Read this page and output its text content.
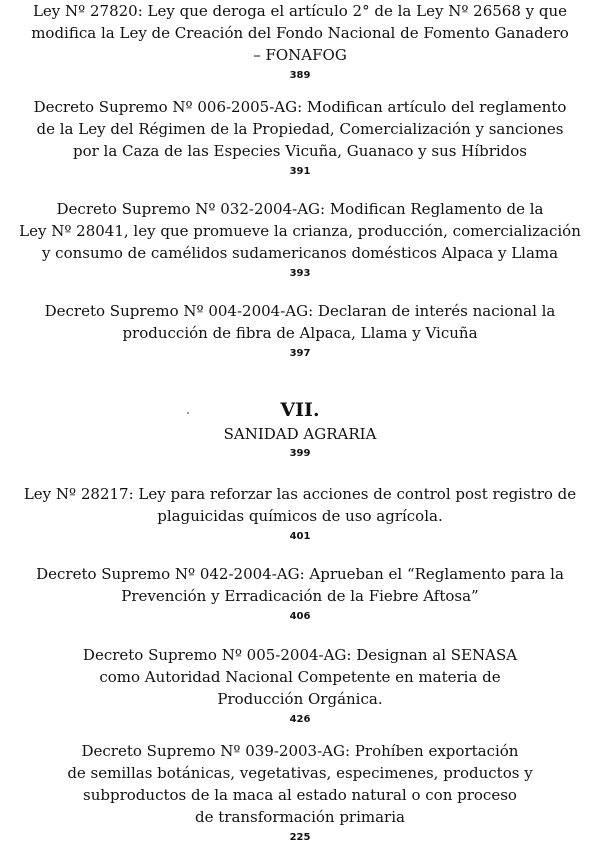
Ley Nº 27820: Ley que deroga el artículo 2° de la Ley Nº 26568 y que
modifica la Ley de Creación del Fondo Nacional de Fomento Ganadero
– FONAFOG
389
Decreto Supremo Nº 006-2005-AG: Modifican artículo del reglamento
de la Ley del Régimen de la Propiedad, Comercialización y sanciones
por la Caza de las Especies Vicuña, Guanaco y sus Híbridos
391
Decreto Supremo Nº 032-2004-AG: Modifican Reglamento de la
Ley Nº 28041, ley que promueve la crianza, producción, comercialización
y consumo de camélidos sudamericanos domésticos Alpaca y Llama
393
Decreto Supremo Nº 004-2004-AG: Declaran de interés nacional la
producción de fibra de Alpaca, Llama y Vicuña
397
VII.
SANIDAD AGRARIA
399
Ley Nº 28217: Ley para reforzar las acciones de control post registro de
plaguicidas químicos de uso agrícola.
401
Decreto Supremo Nº 042-2004-AG: Aprueban el “Reglamento para la
Prevención y Erradicación de la Fiebre Aftosa”
406
Decreto Supremo Nº 005-2004-AG: Designan al SENASA
como Autoridad Nacional Competente en materia de
Producción Orgánica.
426
Decreto Supremo Nº 039-2003-AG: Prohíben exportación
de semillas botánicas, vegetativas, especimenes, productos y
subproductos de la maca al estado natural o con proceso
de transformación primaria
225
